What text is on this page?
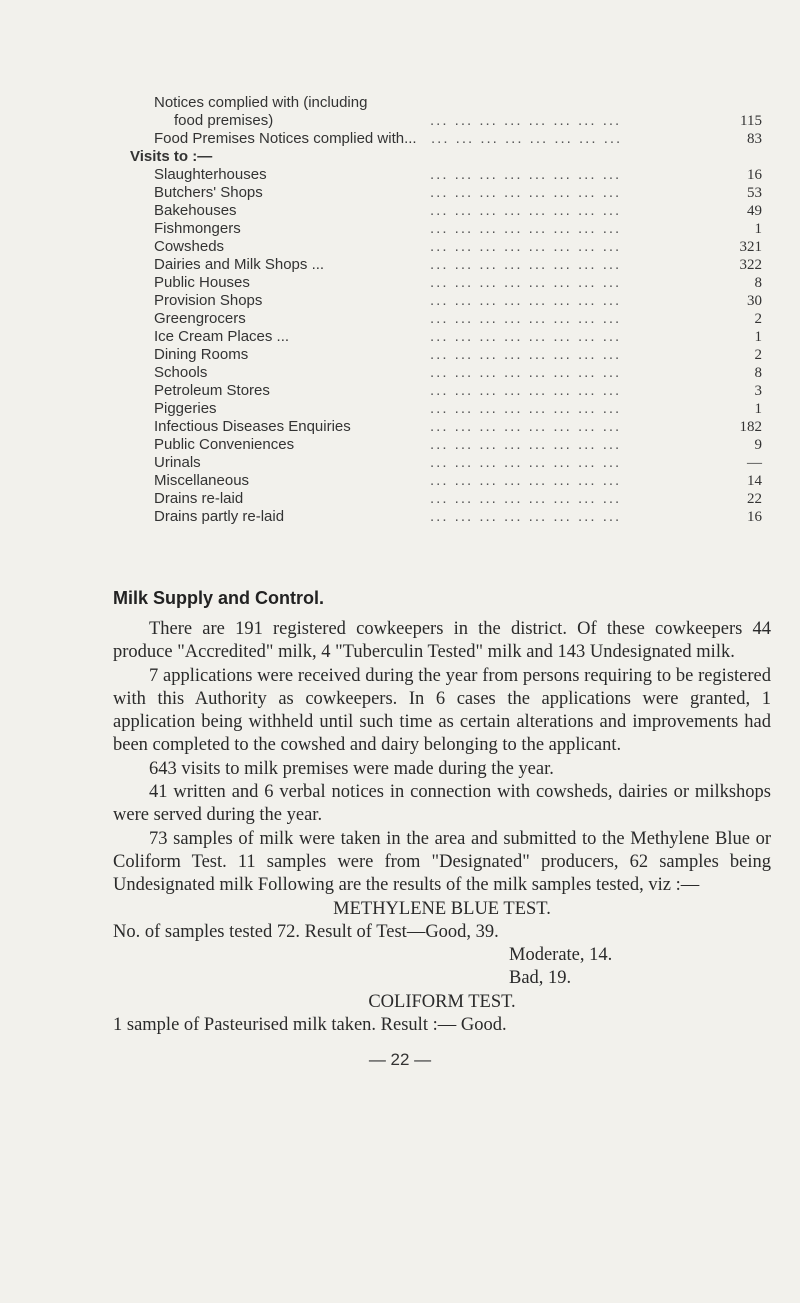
Notices complied with (including
food premises)	... ... ... ... ... ... ... ...	115
Food Premises Notices complied with... ... ... ... ... ... ... ... ...	83
Visits to :—
Slaughterhouses	... ... ... ... ... ... ... ...	16
Butchers' Shops	... ... ... ... ... ... ... ...	53
Bakehouses	... ... ... ... ... ... ... ...	49
Fishmongers	... ... ... ... ... ... ... ...	1
Cowsheds	... ... ... ... ... ... ... ...	321
Dairies and Milk Shops ...	... ... ... ... ... ... ... ...	322
Public Houses	... ... ... ... ... ... ... ...	8
Provision Shops	... ... ... ... ... ... ... ...	30
Greengrocers	... ... ... ... ... ... ... ...	2
Ice Cream Places ...	... ... ... ... ... ... ... ...	1
Dining Rooms	... ... ... ... ... ... ... ...	2
Schools	... ... ... ... ... ... ... ...	8
Petroleum Stores	... ... ... ... ... ... ... ...	3
Piggeries	... ... ... ... ... ... ... ...	1
Infectious Diseases Enquiries	... ... ... ... ... ... ... ...	182
Public Conveniences	... ... ... ... ... ... ... ...	9
Urinals	... ... ... ... ... ... ... ...	—
Miscellaneous	... ... ... ... ... ... ... ...	14
Drains re-laid	... ... ... ... ... ... ... ...	22
Drains partly re-laid	... ... ... ... ... ... ... ...	16
Milk Supply and Control.

There are 191 registered cowkeepers in the district. Of these cowkeepers 44 produce "Accredited" milk, 4 "Tuberculin Tested" milk and 143 Undesignated milk.

7 applications were received during the year from persons requiring to be registered with this Authority as cowkeepers. In 6 cases the applications were granted, 1 application being withheld until such time as certain alterations and improvements had been completed to the cowshed and dairy belonging to the applicant.

643 visits to milk premises were made during the year.

41 written and 6 verbal notices in connection with cowsheds, dairies or milkshops were served during the year.

73 samples of milk were taken in the area and submitted to the Methylene Blue or Coliform Test. 11 samples were from "Designated" producers, 62 samples being Undesignated milk Following are the results of the milk samples tested, viz :—

METHYLENE BLUE TEST.
No. of samples tested 72. Result of Test—Good, 39.
Moderate, 14.
Bad, 19.
COLIFORM TEST.
1 sample of Pasteurised milk taken. Result :— Good.
— 22 —
